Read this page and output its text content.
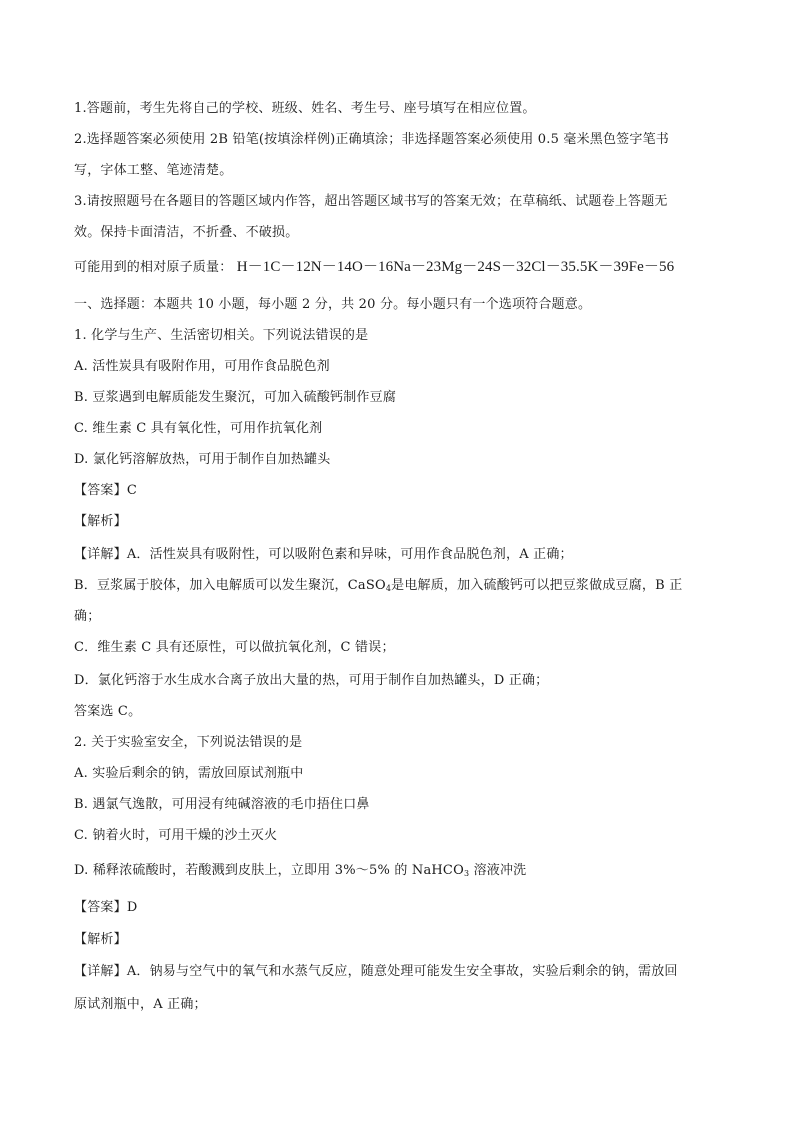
1.答题前，考生先将自己的学校、班级、姓名、考生号、座号填写在相应位置。
2.选择题答案必须使用 2B 铅笔(按填涂样例)正确填涂；非选择题答案必须使用 0.5 毫米黑色签字笔书
写，字体工整、笔迹清楚。
3.请按照题号在各题目的答题区域内作答，超出答题区域书写的答案无效；在草稿纸、试题卷上答题无
效。保持卡面清洁，不折叠、不破损。
可能用到的相对原子质量： H－1C－12N－14O－16Na－23Mg－24S－32Cl－35.5K－39Fe－56
一、选择题：本题共 10 小题，每小题 2 分，共 20 分。每小题只有一个选项符合题意。
1. 化学与生产、生活密切相关。下列说法错误的是
A. 活性炭具有吸附作用，可用作食品脱色剂
B. 豆浆遇到电解质能发生聚沉，可加入硫酸钙制作豆腐
C. 维生素 C 具有氧化性，可用作抗氧化剂
D. 氯化钙溶解放热，可用于制作自加热罐头
【答案】C
【解析】
【详解】A．活性炭具有吸附性，可以吸附色素和异味，可用作食品脱色剂，A 正确；
B．豆浆属于胶体，加入电解质可以发生聚沉，CaSO$_4$是电解质，加入硫酸钙可以把豆浆做成豆腐，B 正
确；
C．维生素 C 具有还原性，可以做抗氧化剂，C 错误；
D．氯化钙溶于水生成水合离子放出大量的热，可用于制作自加热罐头，D 正确；
答案选 C。
2. 关于实验室安全，下列说法错误的是
A. 实验后剩余的钠，需放回原试剂瓶中
B. 遇氯气逸散，可用浸有纯碱溶液的毛巾捂住口鼻
C. 钠着火时，可用干燥的沙土灭火
D. 稀释浓硫酸时，若酸溅到皮肤上，立即用 3%～5% 的 NaHCO$_3$ 溶液冲洗
【答案】D
【解析】
【详解】A．钠易与空气中的氧气和水蒸气反应，随意处理可能发生安全事故，实验后剩余的钠，需放回
原试剂瓶中，A 正确；
